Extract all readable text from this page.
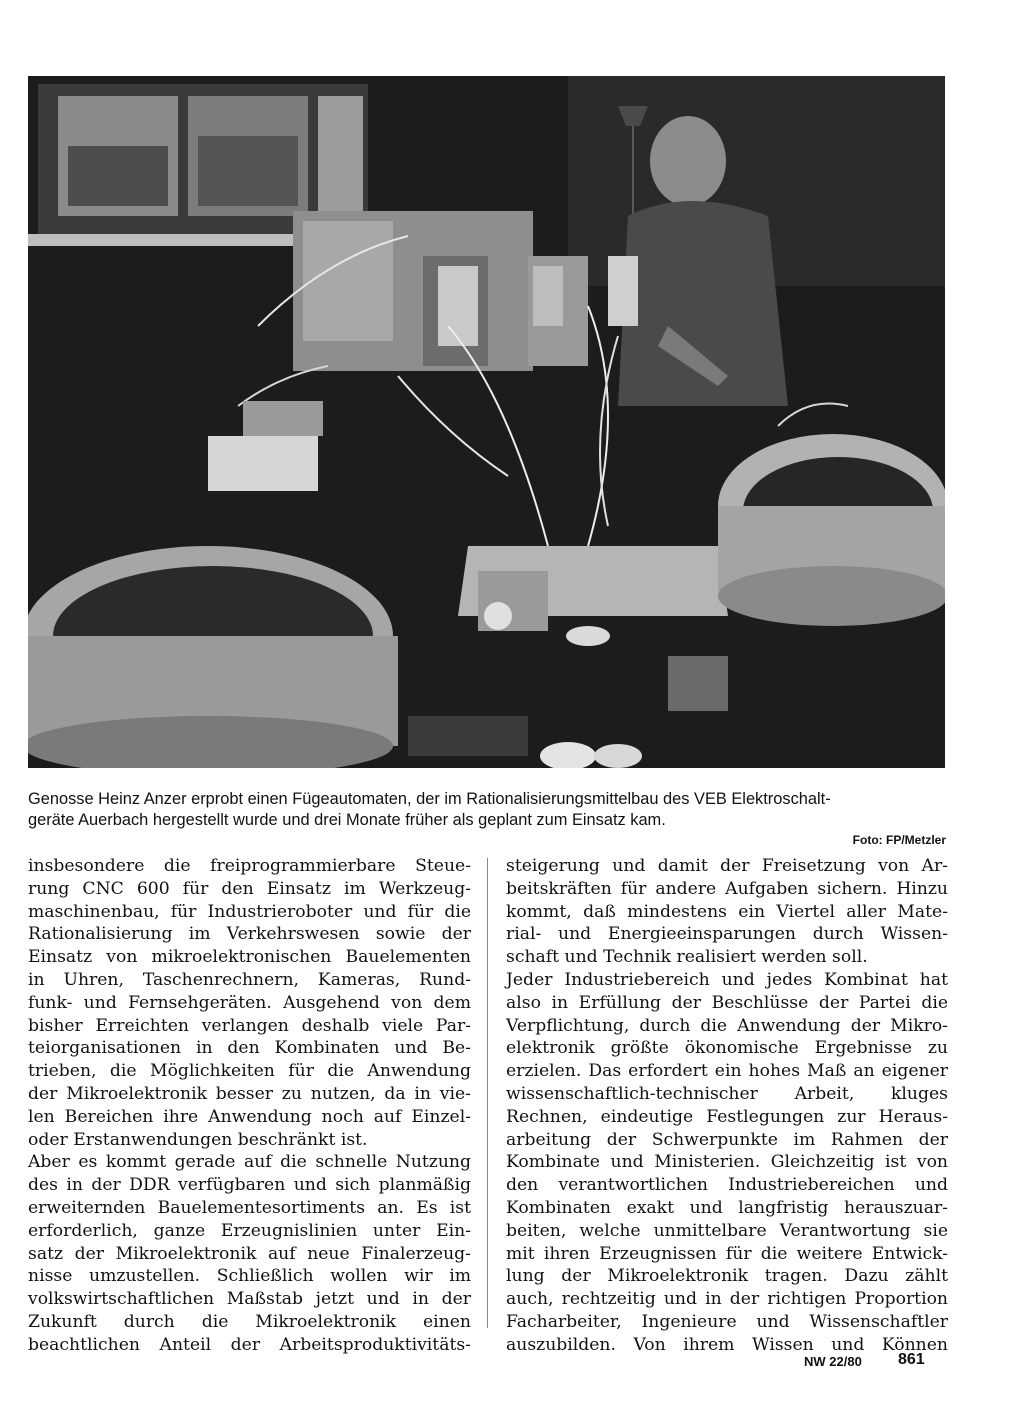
Genosse Heinz Anzer erprobt einen Fügeautomaten, der im Rationalisierungsmittelbau des VEB Elektroschalt-
geräte Auerbach hergestellt wurde und drei Monate früher als geplant zum Einsatz kam.
Foto: FP/Metzler
insbesondere die freiprogrammierbare Steue-
rung CNC 600 für den Einsatz im Werkzeug-
maschinenbau, für Industrieroboter und für die
Rationalisierung im Verkehrswesen sowie der
Einsatz von mikroelektronischen Bauelementen
in Uhren, Taschenrechnern, Kameras, Rund-
funk- und Fernsehgeräten. Ausgehend von dem
bisher Erreichten verlangen deshalb viele Par-
teiorganisationen in den Kombinaten und Be-
trieben, die Möglichkeiten für die Anwendung
der Mikroelektronik besser zu nutzen, da in vie-
len Bereichen ihre Anwendung noch auf Einzel-
oder Erstanwendungen beschränkt ist.
Aber es kommt gerade auf die schnelle Nutzung
des in der DDR verfügbaren und sich planmäßig
erweiternden Bauelementesortiments an. Es ist
erforderlich, ganze Erzeugnislinien unter Ein-
satz der Mikroelektronik auf neue Finalerzeug-
nisse umzustellen. Schließlich wollen wir im
volkswirtschaftlichen Maßstab jetzt und in der
Zukunft durch die Mikroelektronik einen
beachtlichen Anteil der Arbeitsproduktivitäts-
steigerung und damit der Freisetzung von Ar-
beitskräften für andere Aufgaben sichern. Hinzu
kommt, daß mindestens ein Viertel aller Mate-
rial- und Energieeinsparungen durch Wissen-
schaft und Technik realisiert werden soll.
Jeder Industriebereich und jedes Kombinat hat
also in Erfüllung der Beschlüsse der Partei die
Verpflichtung, durch die Anwendung der Mikro-
elektronik größte ökonomische Ergebnisse zu
erzielen. Das erfordert ein hohes Maß an eigener
wissenschaftlich-technischer Arbeit, kluges
Rechnen, eindeutige Festlegungen zur Heraus-
arbeitung der Schwerpunkte im Rahmen der
Kombinate und Ministerien. Gleichzeitig ist von
den verantwortlichen Industriebereichen und
Kombinaten exakt und langfristig herauszuar-
beiten, welche unmittelbare Verantwortung sie
mit ihren Erzeugnissen für die weitere Entwick-
lung der Mikroelektronik tragen. Dazu zählt
auch, rechtzeitig und in der richtigen Proportion
Facharbeiter, Ingenieure und Wissenschaftler
auszubilden. Von ihrem Wissen und Können
NW 22/80 861
